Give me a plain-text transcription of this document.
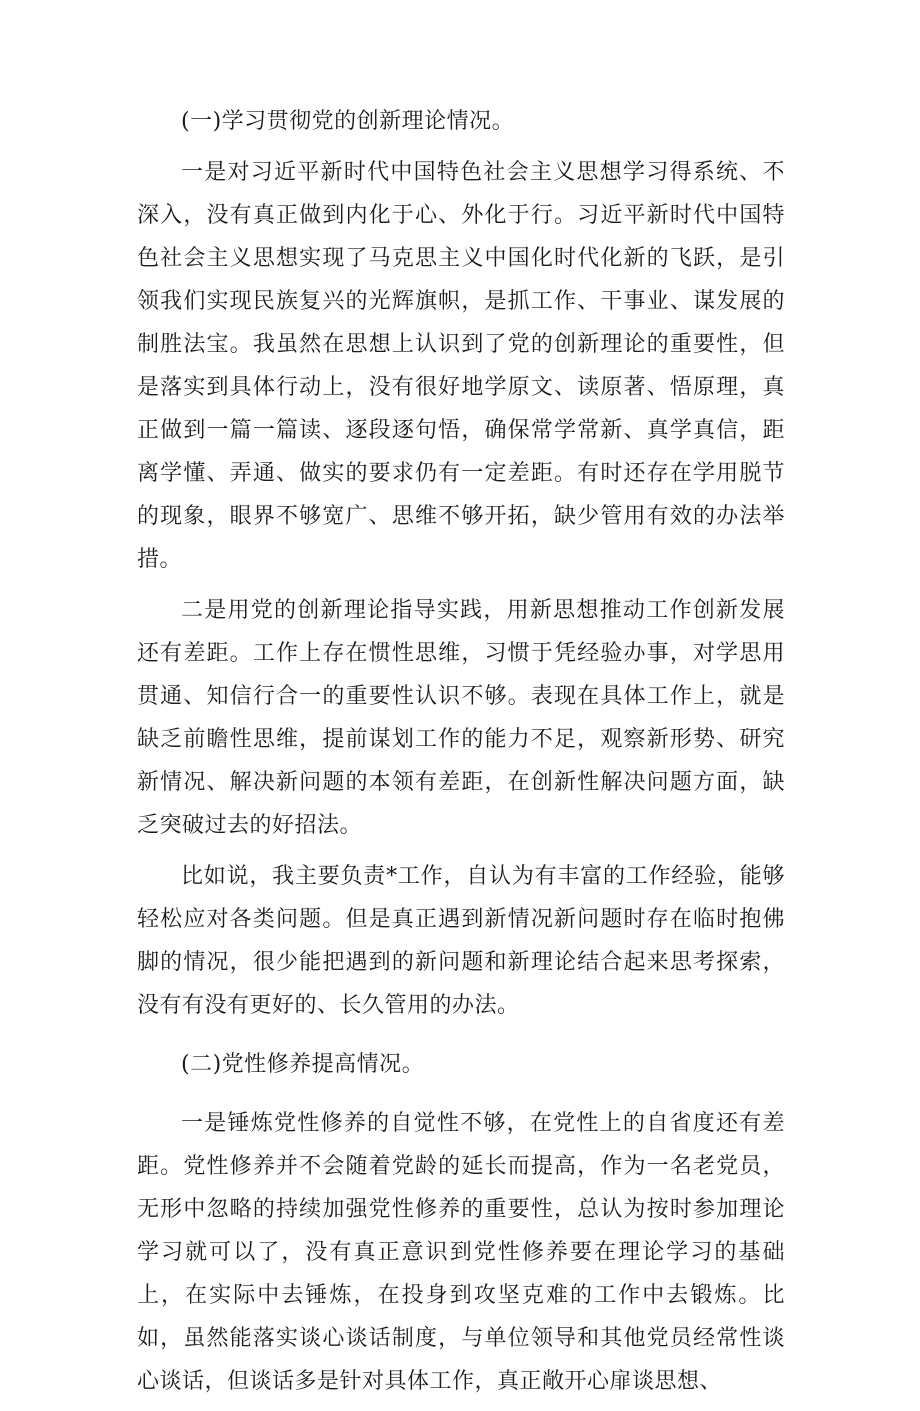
(一)学习贯彻党的创新理论情况。

一是对习近平新时代中国特色社会主义思想学习得系统、不深入，没有真正做到内化于心、外化于行。习近平新时代中国特色社会主义思想实现了马克思主义中国化时代化新的飞跃，是引领我们实现民族复兴的光辉旗帜，是抓工作、干事业、谋发展的制胜法宝。我虽然在思想上认识到了党的创新理论的重要性，但是落实到具体行动上，没有很好地学原文、读原著、悟原理，真正做到一篇一篇读、逐段逐句悟，确保常学常新、真学真信，距离学懂、弄通、做实的要求仍有一定差距。有时还存在学用脱节的现象，眼界不够宽广、思维不够开拓，缺少管用有效的办法举措。

二是用党的创新理论指导实践，用新思想推动工作创新发展还有差距。工作上存在惯性思维，习惯于凭经验办事，对学思用贯通、知信行合一的重要性认识不够。表现在具体工作上，就是缺乏前瞻性思维，提前谋划工作的能力不足，观察新形势、研究新情况、解决新问题的本领有差距，在创新性解决问题方面，缺乏突破过去的好招法。

比如说，我主要负责*工作，自认为有丰富的工作经验，能够轻松应对各类问题。但是真正遇到新情况新问题时存在临时抱佛脚的情况，很少能把遇到的新问题和新理论结合起来思考探索，没有有没有更好的、长久管用的办法。

(二)党性修养提高情况。

一是锤炼党性修养的自觉性不够，在党性上的自省度还有差距。党性修养并不会随着党龄的延长而提高，作为一名老党员，无形中忽略的持续加强党性修养的重要性，总认为按时参加理论学习就可以了，没有真正意识到党性修养要在理论学习的基础上，在实际中去锤炼，在投身到攻坚克难的工作中去锻炼。比如，虽然能落实谈心谈话制度，与单位领导和其他党员经常性谈心谈话，但谈话多是针对具体工作，真正敞开心扉谈思想、
